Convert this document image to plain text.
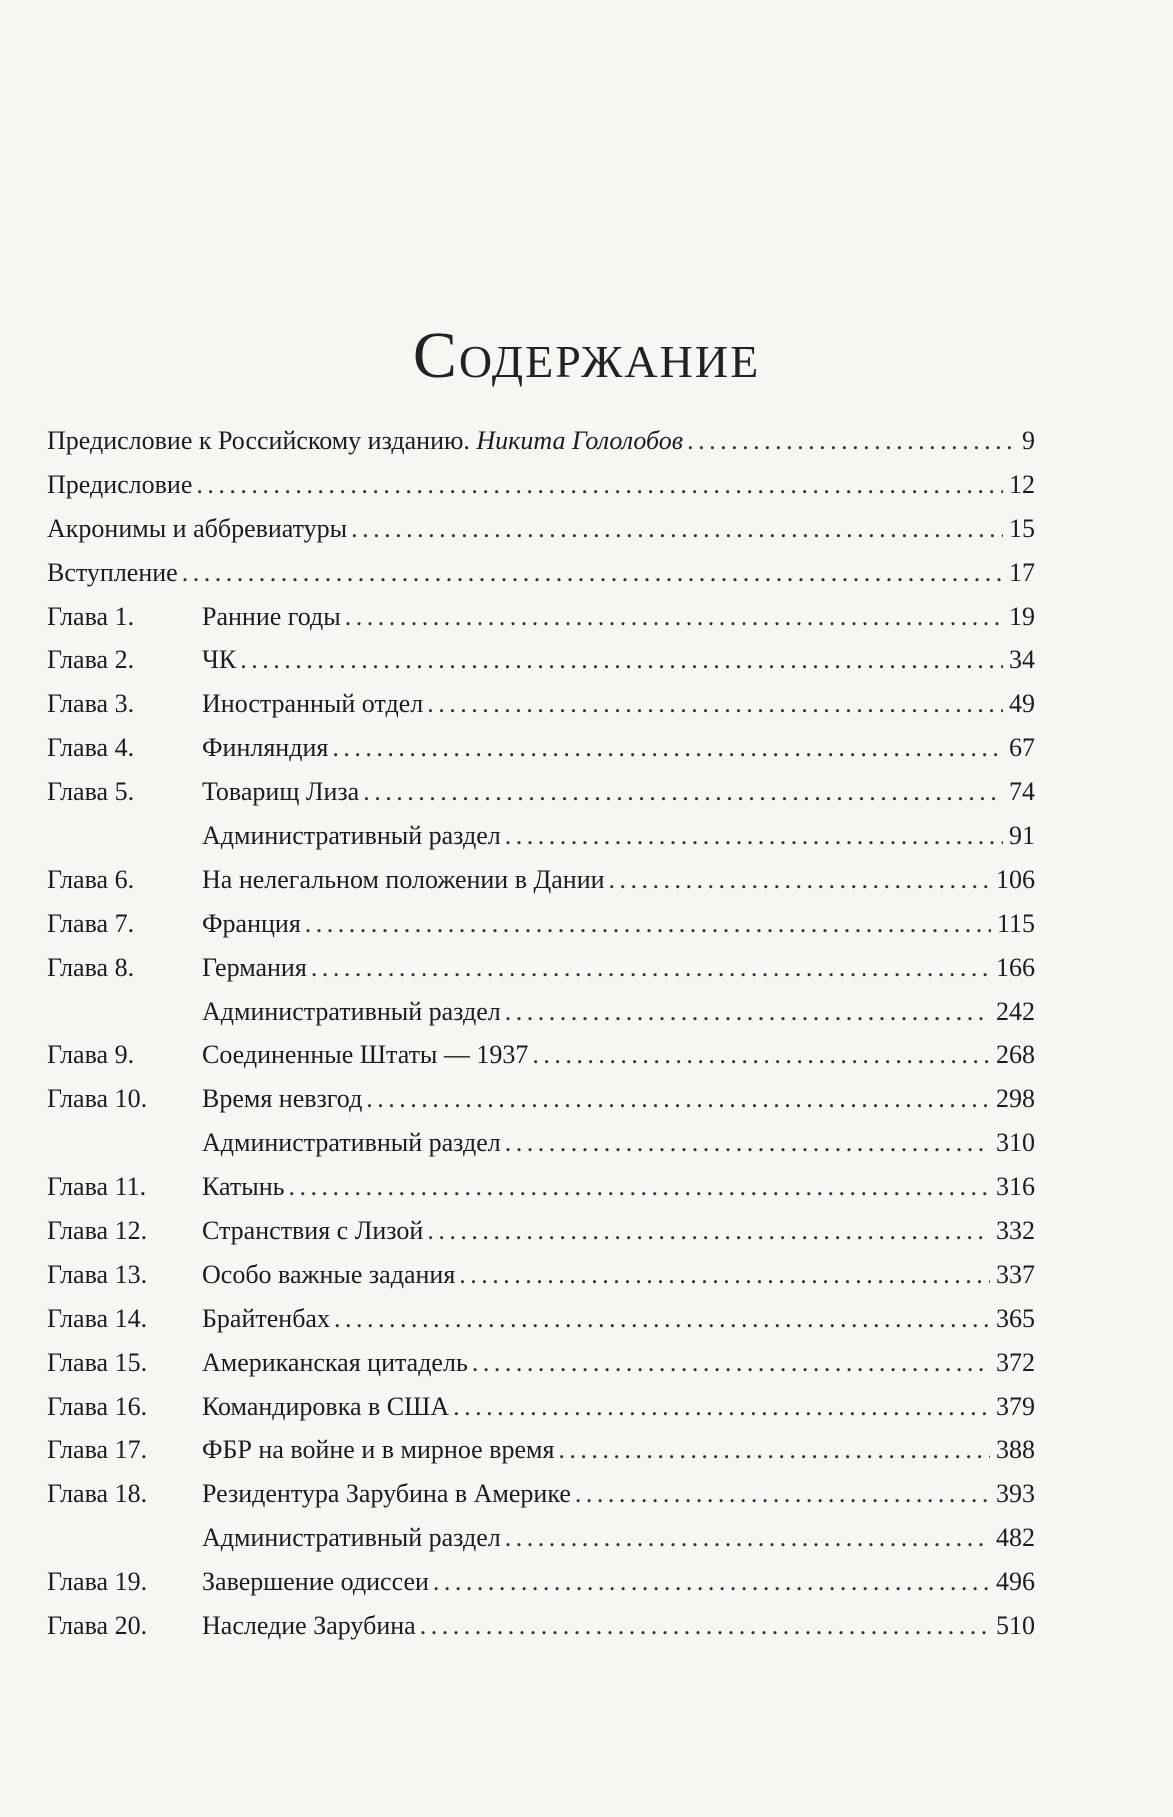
Содержание
Предисловие к Российскому изданию. Никита Гололобов . . .	9
Предисловие . . .	12
Акронимы и аббревиатуры . . .	15
Вступление . . .	17
Глава 1.	Ранние годы . . .	19
Глава 2.	ЧК . . .	34
Глава 3.	Иностранный отдел . . .	49
Глава 4.	Финляндия . . .	67
Глава 5.	Товарищ Лиза . . .	74
Административный раздел . . .	91
Глава 6.	На нелегальном положении в Дании . . .	106
Глава 7.	Франция . . .	115
Глава 8.	Германия . . .	166
Административный раздел . . .	242
Глава 9.	Соединенные Штаты — 1937 . . .	268
Глава 10.	Время невзгод . . .	298
Административный раздел . . .	310
Глава 11.	Катынь . . .	316
Глава 12.	Странствия с Лизой . . .	332
Глава 13.	Особо важные задания . . .	337
Глава 14.	Брайтенбах . . .	365
Глава 15.	Американская цитадель . . .	372
Глава 16.	Командировка в США . . .	379
Глава 17.	ФБР на войне и в мирное время . . .	388
Глава 18.	Резидентура Зарубина в Америке . . .	393
Административный раздел . . .	482
Глава 19.	Завершение одиссеи . . .	496
Глава 20.	Наследие Зарубина . . .	510
